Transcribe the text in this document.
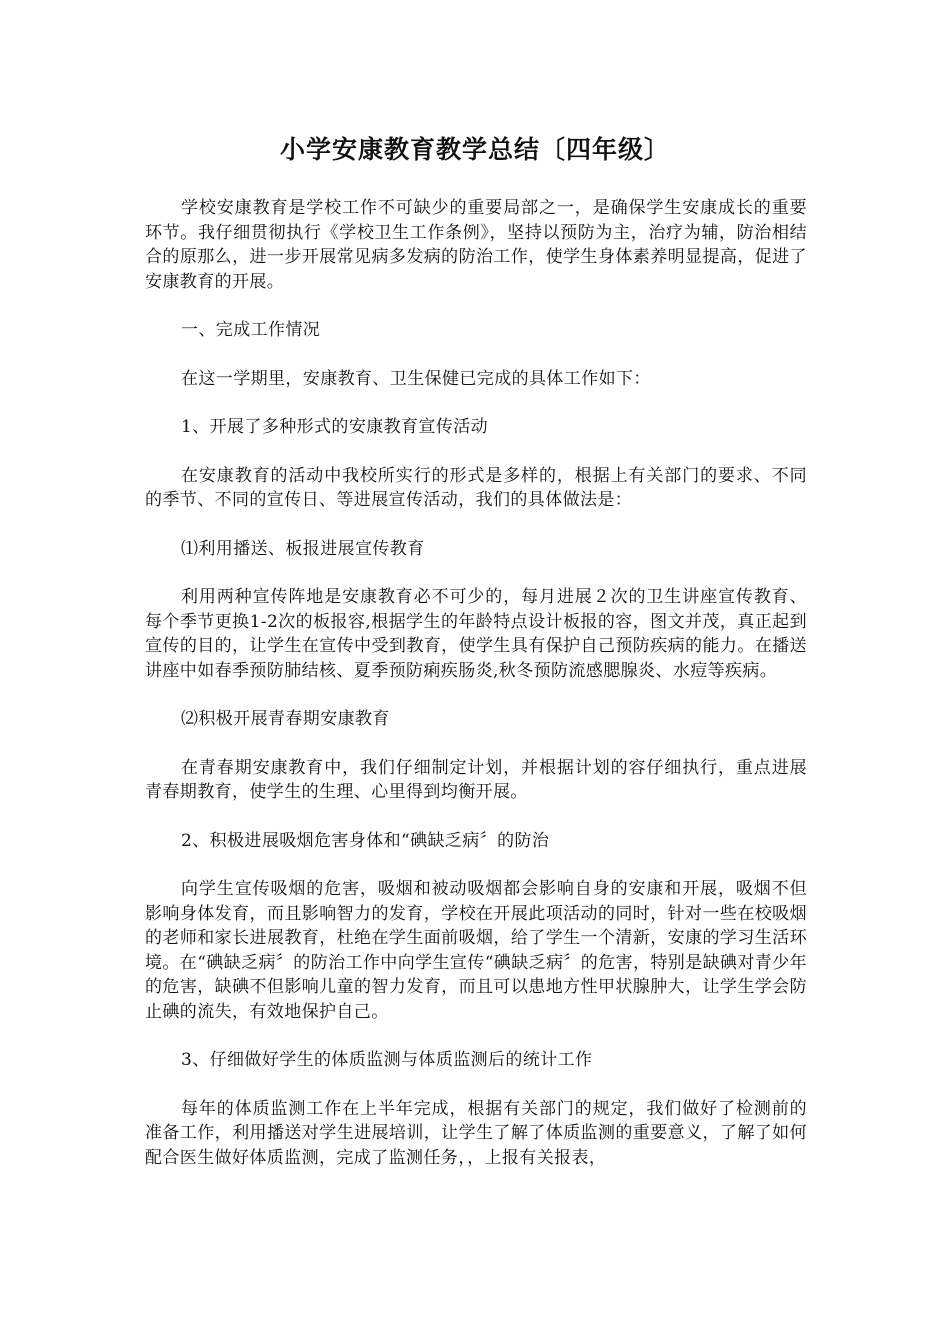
小学安康教育教学总结〔四年级〕

学校安康教育是学校工作不可缺少的重要局部之一，是确保学生安康成长的重要环节。我仔细贯彻执行《学校卫生工作条例》，坚持以预防为主，治疗为辅，防治相结合的原那么，进一步开展常见病多发病的防治工作，使学生身体素养明显提高，促进了安康教育的开展。

一、完成工作情况

在这一学期里，安康教育、卫生保健已完成的具体工作如下：

1、开展了多种形式的安康教育宣传活动

在安康教育的活动中我校所实行的形式是多样的，根据上有关部门的要求、不同的季节、不同的宣传日、等进展宣传活动，我们的具体做法是：

⑴利用播送、板报进展宣传教育

利用两种宣传阵地是安康教育必不可少的，每月进展２次的卫生讲座宣传教育、每个季节更换1-2次的板报容,根据学生的年龄特点设计板报的容，图文并茂，真正起到宣传的目的，让学生在宣传中受到教育，使学生具有保护自己预防疾病的能力。在播送讲座中如春季预防肺结核、夏季预防痢疾肠炎,秋冬预防流感腮腺炎、水痘等疾病。

⑵积极开展青春期安康教育

在青春期安康教育中，我们仔细制定计划，并根据计划的容仔细执行，重点进展青春期教育，使学生的生理、心里得到均衡开展。

2、积极进展吸烟危害身体和“碘缺乏病〞的防治

向学生宣传吸烟的危害，吸烟和被动吸烟都会影响自身的安康和开展，吸烟不但影响身体发育，而且影响智力的发育，学校在开展此项活动的同时，针对一些在校吸烟的老师和家长进展教育，杜绝在学生面前吸烟，给了学生一个清新，安康的学习生活环境。在“碘缺乏病〞的防治工作中向学生宣传“碘缺乏病〞的危害，特别是缺碘对青少年的危害，缺碘不但影响儿童的智力发育，而且可以患地方性甲状腺肿大，让学生学会防止碘的流失，有效地保护自己。

3、仔细做好学生的体质监测与体质监测后的统计工作

每年的体质监测工作在上半年完成，根据有关部门的规定，我们做好了检测前的准备工作，利用播送对学生进展培训，让学生了解了体质监测的重要意义，了解了如何配合医生做好体质监测，完成了监测任务，，上报有关报表，
